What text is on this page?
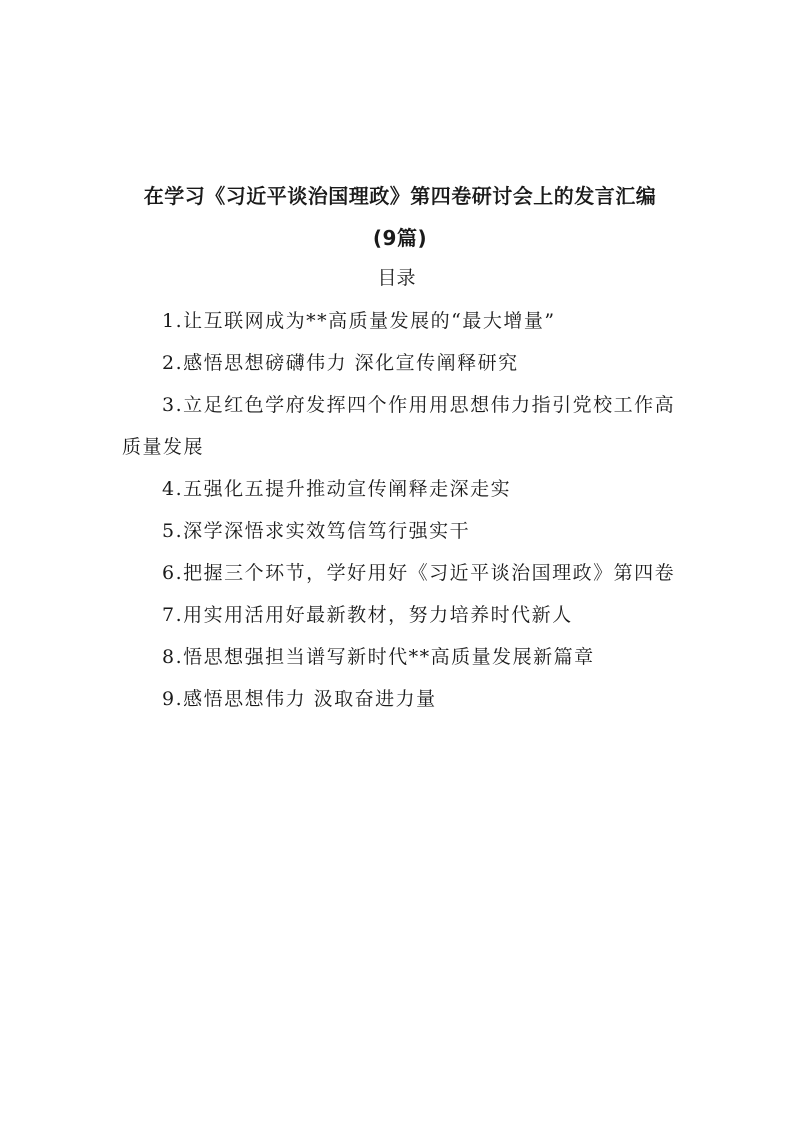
在学习《习近平谈治国理政》第四卷研讨会上的发言汇编
(9篇)
目录
1.让互联网成为**高质量发展的“最大增量”
2.感悟思想磅礴伟力 深化宣传阐释研究
3.立足红色学府发挥四个作用用思想伟力指引党校工作高质量发展
4.五强化五提升推动宣传阐释走深走实
5.深学深悟求实效笃信笃行强实干
6.把握三个环节，学好用好《习近平谈治国理政》第四卷
7.用实用活用好最新教材，努力培养时代新人
8.悟思想强担当谱写新时代**高质量发展新篇章
9.感悟思想伟力 汲取奋进力量
